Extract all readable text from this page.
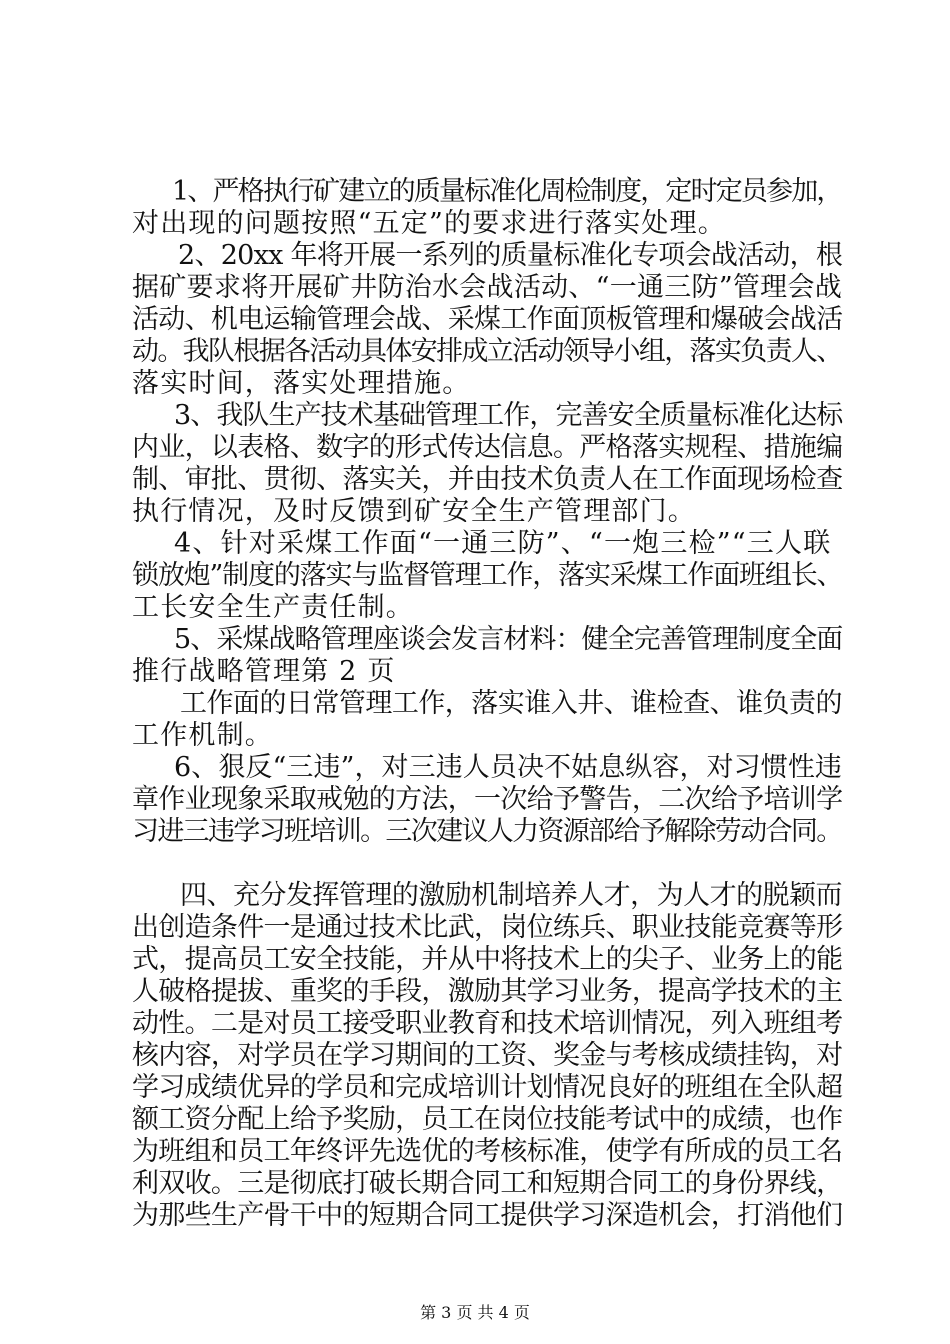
1、严格执行矿建立的质量标准化周检制度，定时定员参加，
对出现的问题按照“五定”的要求进行落实处理。
2、20xx 年将开展一系列的质量标准化专项会战活动，根
据矿要求将开展矿井防治水会战活动、“一通三防”管理会战
活动、机电运输管理会战、采煤工作面顶板管理和爆破会战活
动。我队根据各活动具体安排成立活动领导小组，落实负责人、
落实时间，落实处理措施。
3、我队生产技术基础管理工作，完善安全质量标准化达标
内业，以表格、数字的形式传达信息。严格落实规程、措施编
制、审批、贯彻、落实关，并由技术负责人在工作面现场检查
执行情况，及时反馈到矿安全生产管理部门。
4、针对采煤工作面“一通三防”、“一炮三检”“三人联
锁放炮”制度的落实与监督管理工作，落实采煤工作面班组长、
工长安全生产责任制。
5、采煤战略管理座谈会发言材料：健全完善管理制度全面
推行战略管理第 2 页
工作面的日常管理工作，落实谁入井、谁检查、谁负责的
工作机制。
6、狠反“三违”，对三违人员决不姑息纵容，对习惯性违
章作业现象采取戒勉的方法，一次给予警告，二次给予培训学
习进三违学习班培训。三次建议人力资源部给予解除劳动合同。
四、充分发挥管理的激励机制培养人才，为人才的脱颖而
出创造条件一是通过技术比武，岗位练兵、职业技能竞赛等形
式，提高员工安全技能，并从中将技术上的尖子、业务上的能
人破格提拔、重奖的手段，激励其学习业务，提高学技术的主
动性。二是对员工接受职业教育和技术培训情况，列入班组考
核内容，对学员在学习期间的工资、奖金与考核成绩挂钩，对
学习成绩优异的学员和完成培训计划情况良好的班组在全队超
额工资分配上给予奖励，员工在岗位技能考试中的成绩，也作
为班组和员工年终评先选优的考核标准，使学有所成的员工名
利双收。三是彻底打破长期合同工和短期合同工的身份界线，
为那些生产骨干中的短期合同工提供学习深造机会，打消他们
第 3 页 共 4 页
